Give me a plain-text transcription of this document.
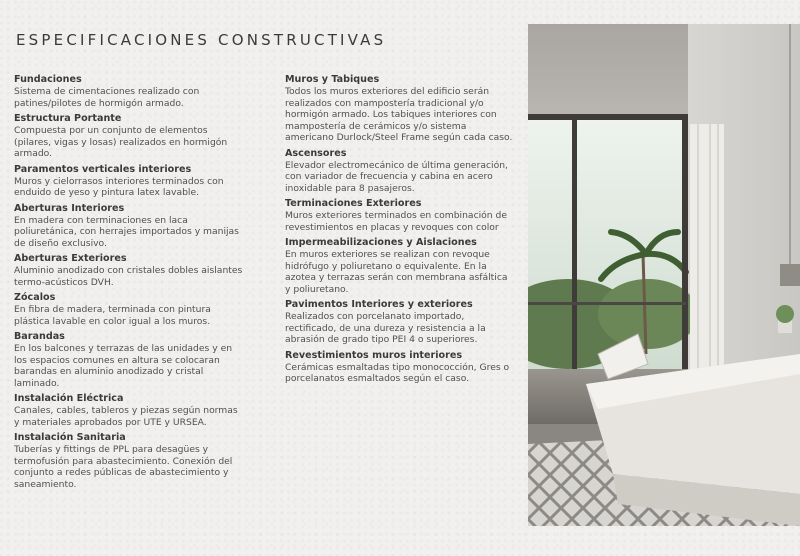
ESPECIFICACIONES CONSTRUCTIVAS
Fundaciones

Sistema de cimentaciones realizado con patines/pilotes de hormigón armado.

Estructura Portante

Compuesta por un conjunto de elementos (pilares, vigas y losas) realizados en hormigón armado.

Paramentos verticales interiores

Muros y cielorrasos interiores terminados con enduido de yeso y pintura latex lavable.

Aberturas Interiores

En madera con terminaciones en laca poliuretánica, con herrajes importados y manijas de diseño exclusivo.

Aberturas Exteriores

Aluminio anodizado con cristales dobles aislantes termo-acústicos DVH.

Zócalos

En fibra de madera, terminada con pintura plástica lavable en color igual a los muros.

Barandas

En los balcones y terrazas de las unidades y en los espacios comunes en altura se colocaran barandas en aluminio anodizado y cristal laminado.

Instalación Eléctrica

Canales, cables, tableros y piezas según normas y materiales aprobados por UTE y URSEA.

Instalación Sanitaria

Tuberías y fittings de PPL para desagües y termofusión para abastecimiento. Conexión del conjunto a redes públicas de abastecimiento y saneamiento.

Muros y Tabiques

Todos los muros exteriores del edificio serán realizados con mampostería tradicional y/o hormigón armado. Los tabiques interiores con mampostería de cerámicos y/o sistema americano Durlock/Steel Frame según cada caso.

Ascensores

Elevador electromecánico de última generación, con variador de frecuencia y cabina en acero inoxidable para 8 pasajeros.

Terminaciones Exteriores

Muros exteriores terminados en combinación de revestimientos en placas y revoques con color

Impermeabilizaciones y Aislaciones

En muros exteriores se realizan con revoque hidrófugo y poliuretano o equivalente. En la azotea y terrazas serán con membrana asfáltica y poliuretano.

Pavimentos Interiores y exteriores

Realizados con porcelanato importado, rectificado, de una dureza y resistencia a la abrasión de grado tipo PEI 4 o superiores.

Revestimientos muros interiores

Cerámicas esmaltadas tipo monococción, Gres o porcelanatos esmaltados según el caso.
